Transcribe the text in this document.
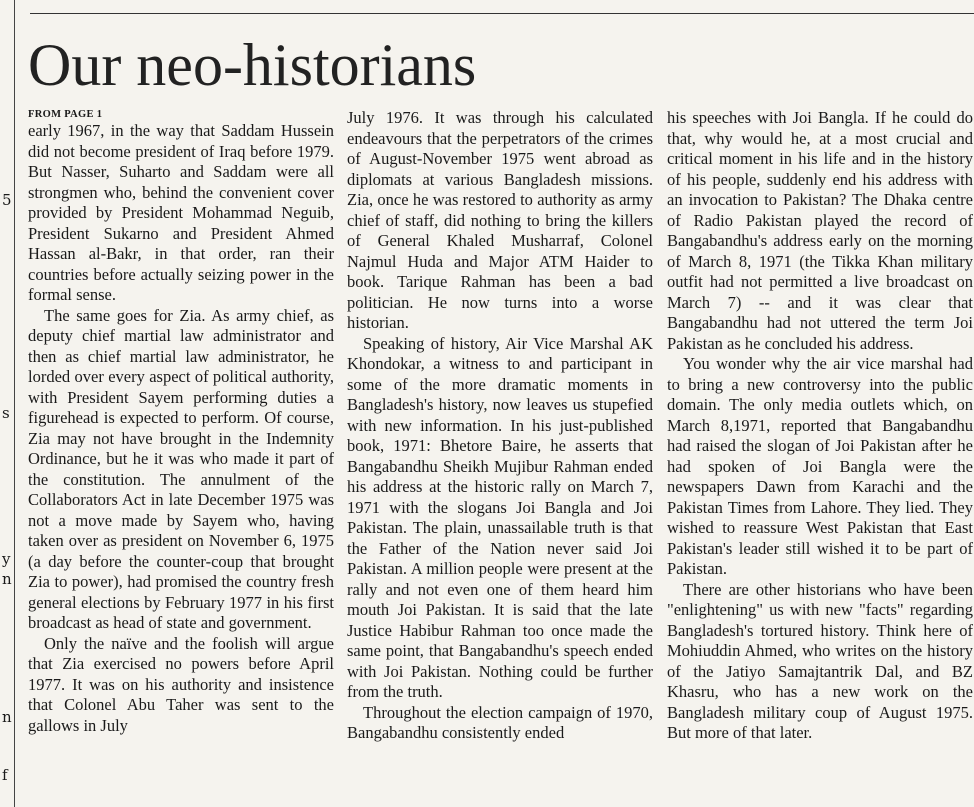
5
s
y
n
n
f
Our neo-historians
FROM PAGE 1

early 1967, in the way that Saddam Hussein did not become president of Iraq before 1979. But Nasser, Suharto and Saddam were all strongmen who, behind the convenient cover provided by President Mohammad Neguib, President Sukarno and President Ahmed Hassan al-Bakr, in that order, ran their countries before actually seizing power in the formal sense.

The same goes for Zia. As army chief, as deputy chief martial law administrator and then as chief martial law administrator, he lorded over every aspect of political authority, with President Sayem performing duties a figurehead is expected to perform. Of course, Zia may not have brought in the Indemnity Ordinance, but he it was who made it part of the constitution. The annulment of the Collaborators Act in late December 1975 was not a move made by Sayem who, having taken over as president on November 6, 1975 (a day before the counter-coup that brought Zia to power), had promised the country fresh general elections by February 1977 in his first broadcast as head of state and government.

Only the naïve and the foolish will argue that Zia exercised no powers before April 1977. It was on his authority and insistence that Colonel Abu Taher was sent to the gallows in July

July 1976. It was through his calculated endeavours that the perpetrators of the crimes of August-November 1975 went abroad as diplomats at various Bangladesh missions. Zia, once he was restored to authority as army chief of staff, did nothing to bring the killers of General Khaled Musharraf, Colonel Najmul Huda and Major ATM Haider to book. Tarique Rahman has been a bad politician. He now turns into a worse historian.

Speaking of history, Air Vice Marshal AK Khondokar, a witness to and participant in some of the more dramatic moments in Bangladesh's history, now leaves us stupefied with new information. In his just-published book, 1971: Bhetore Baire, he asserts that Bangabandhu Sheikh Mujibur Rahman ended his address at the historic rally on March 7, 1971 with the slogans Joi Bangla and Joi Pakistan. The plain, unassailable truth is that the Father of the Nation never said Joi Pakistan. A million people were present at the rally and not even one of them heard him mouth Joi Pakistan. It is said that the late Justice Habibur Rahman too once made the same point, that Bangabandhu's speech ended with Joi Pakistan. Nothing could be further from the truth.

Throughout the election campaign of 1970, Bangabandhu consistently ended

his speeches with Joi Bangla. If he could do that, why would he, at a most crucial and critical moment in his life and in the history of his people, suddenly end his address with an invocation to Pakistan? The Dhaka centre of Radio Pakistan played the record of Bangabandhu's address early on the morning of March 8, 1971 (the Tikka Khan military outfit had not permitted a live broadcast on March 7) -- and it was clear that Bangabandhu had not uttered the term Joi Pakistan as he concluded his address.

You wonder why the air vice marshal had to bring a new controversy into the public domain. The only media outlets which, on March 8,1971, reported that Bangabandhu had raised the slogan of Joi Pakistan after he had spoken of Joi Bangla were the newspapers Dawn from Karachi and the Pakistan Times from Lahore. They lied. They wished to reassure West Pakistan that East Pakistan's leader still wished it to be part of Pakistan.

There are other historians who have been "enlightening" us with new "facts" regarding Bangladesh's tortured history. Think here of Mohiuddin Ahmed, who writes on the history of the Jatiyo Samajtantrik Dal, and BZ Khasru, who has a new work on the Bangladesh military coup of August 1975. But more of that later.
